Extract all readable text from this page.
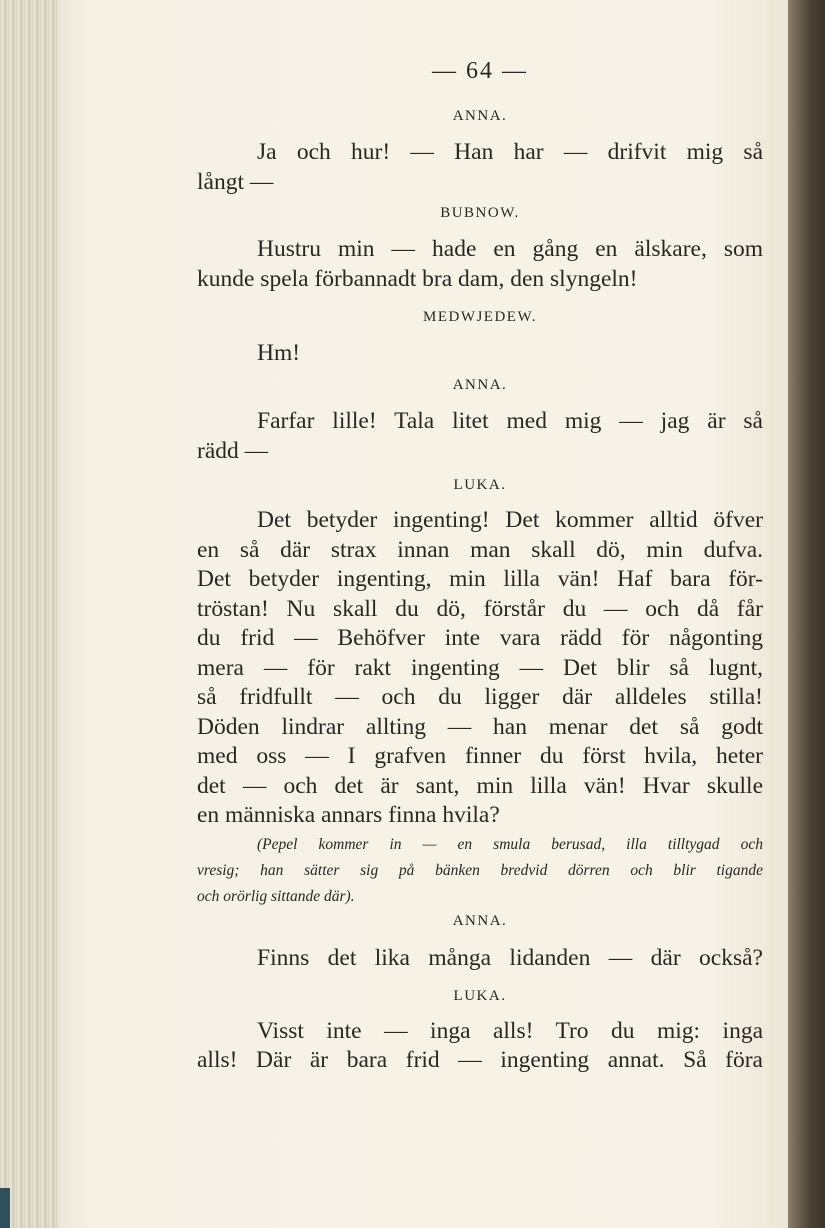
— 64 —
ANNA.
Ja och hur! — Han har — drifvit mig så
långt —
BUBNOW.
Hustru min — hade en gång en älskare, som
kunde spela förbannadt bra dam, den slyngeln!
MEDWJEDEW.
Hm!
ANNA.
Farfar lille! Tala litet med mig — jag är så
rädd —
LUKA.
Det betyder ingenting! Det kommer alltid öfver
en så där strax innan man skall dö, min dufva.
Det betyder ingenting, min lilla vän! Haf bara för-
tröstan! Nu skall du dö, förstår du — och då får
du frid — Behöfver inte vara rädd för någonting
mera — för rakt ingenting — Det blir så lugnt,
så fridfullt — och du ligger där alldeles stilla!
Döden lindrar allting — han menar det så godt
med oss — I grafven finner du först hvila, heter
det — och det är sant, min lilla vän! Hvar skulle
en människa annars finna hvila?
(Pepel kommer in — en smula berusad, illa tilltygad och
vresig; han sätter sig på bänken bredvid dörren och blir tigande
och orörlig sittande där).
ANNA.
Finns det lika många lidanden — där också?
LUKA.
Visst inte — inga alls! Tro du mig: inga
alls! Där är bara frid — ingenting annat. Så föra
